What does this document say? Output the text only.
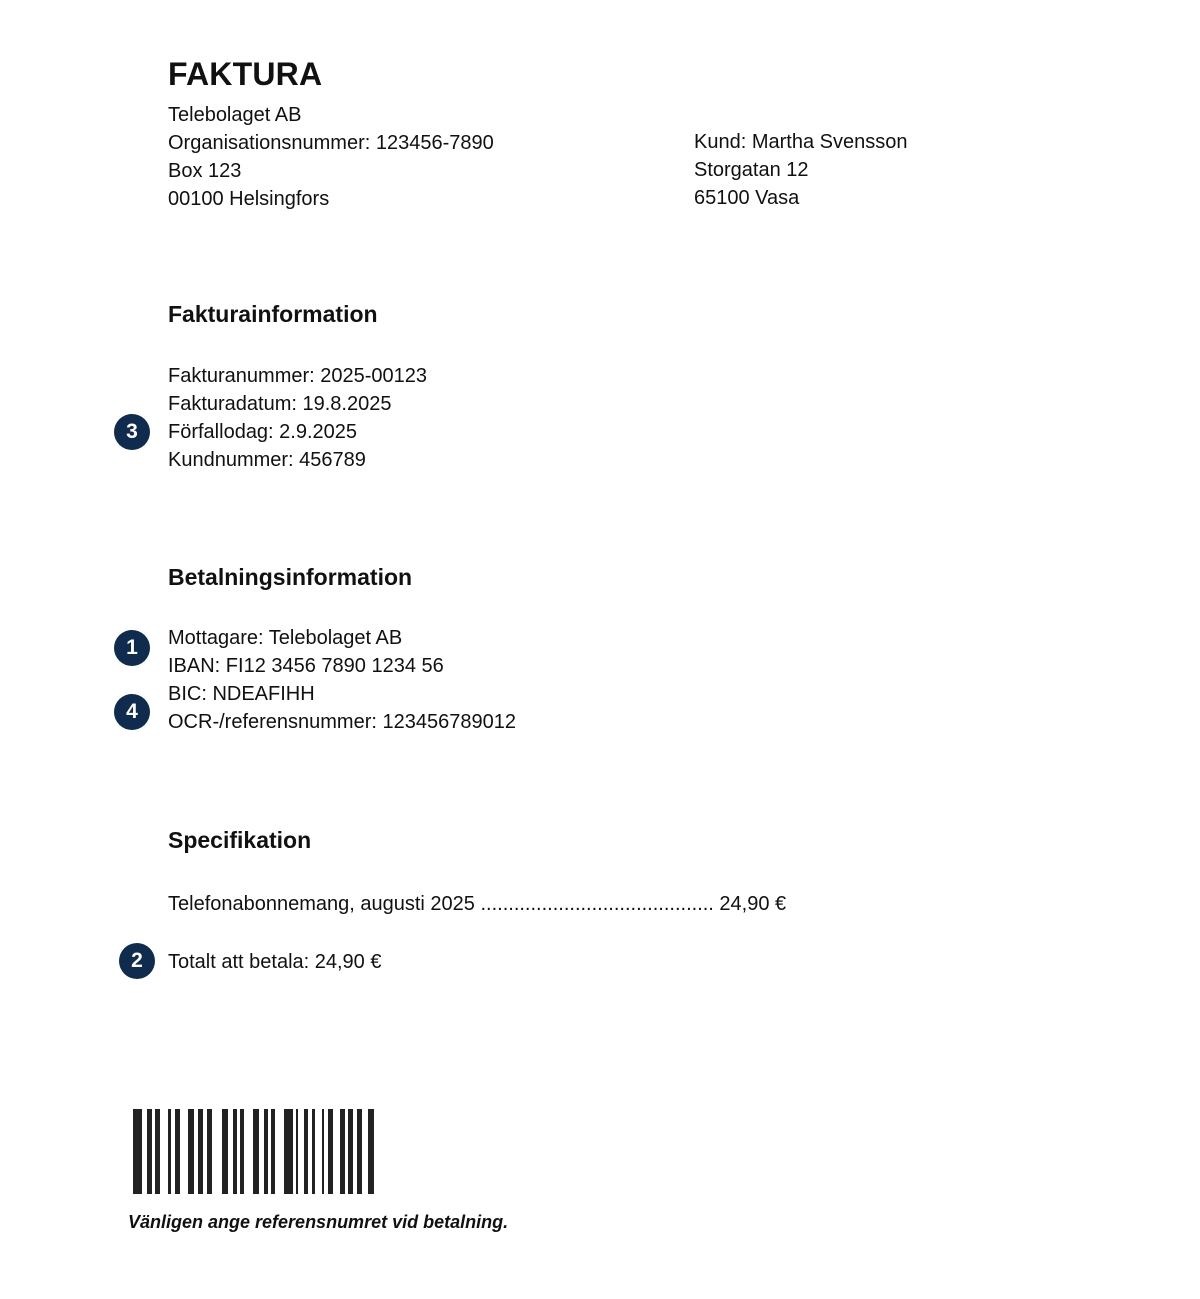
FAKTURA
Telebolaget AB
Organisationsnummer: 123456-7890
Box 123
00100 Helsingfors
Kund: Martha Svensson
Storgatan 12
65100 Vasa
Fakturainformation
Fakturanummer: 2025-00123
Fakturadatum: 19.8.2025
Förfallodag: 2.9.2025
Kundnummer: 456789
3
Betalningsinformation
Mottagare: Telebolaget AB
IBAN: FI12 3456 7890 1234 56
BIC: NDEAFIHH
OCR-/referensnummer: 123456789012
1
4
Specifikation
Telefonabonnemang, augusti 2025 .......................................... 24,90 €
Totalt att betala: 24,90 €
2
Vänligen ange referensnumret vid betalning.
